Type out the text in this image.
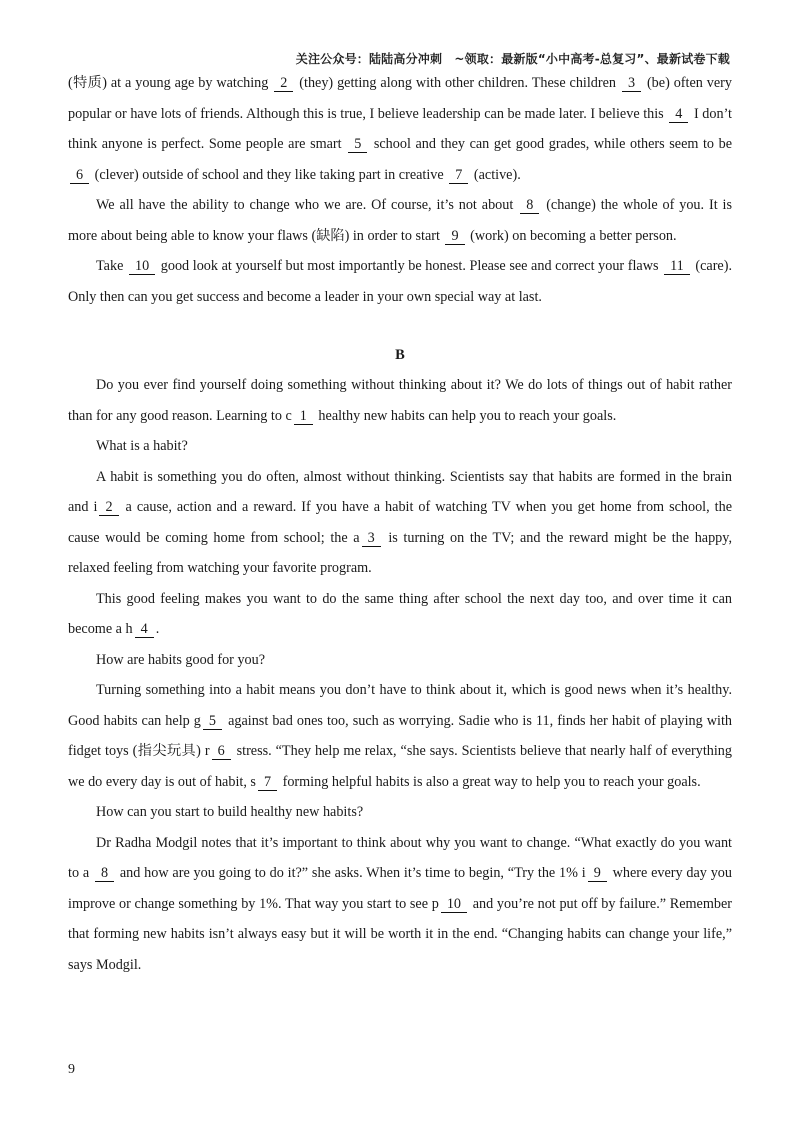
关注公众号：陆陆高分冲刺　~领取：最新版“小中高考-总复习”、最新试卷下载

(特质) at a young age by watching 2 (they) getting along with other children. These children 3 (be) often very popular or have lots of friends. Although this is true, I believe leadership can be made later. I believe this 4 I don’t think anyone is perfect. Some people are smart 5 school and they can get good grades, while others seem to be 6 (clever) outside of school and they like taking part in creative 7 (active).

We all have the ability to change who we are. Of course, it’s not about 8 (change) the whole of you. It is more about being able to know your flaws (缺陷) in order to start 9 (work) on becoming a better person.

Take 10 good look at yourself but most importantly be honest. Please see and correct your flaws 11 (care). Only then can you get success and become a leader in your own special way at last.

B

Do you ever find yourself doing something without thinking about it? We do lots of things out of habit rather than for any good reason. Learning to c 1 healthy new habits can help you to reach your goals.

What is a habit?

A habit is something you do often, almost without thinking. Scientists say that habits are formed in the brain and i 2 a cause, action and a reward. If you have a habit of watching TV when you get home from school, the cause would be coming home from school; the a 3 is turning on the TV; and the reward might be the happy, relaxed feeling from watching your favorite program.

This good feeling makes you want to do the same thing after school the next day too, and over time it can become a h 4 .

How are habits good for you?

Turning something into a habit means you don’t have to think about it, which is good news when it’s healthy. Good habits can help g 5 against bad ones too, such as worrying. Sadie who is 11, finds her habit of playing with fidget toys (指尖玩具) r 6 stress. “They help me relax, “she says. Scientists believe that nearly half of everything we do every day is out of habit, s 7 forming helpful habits is also a great way to help you to reach your goals.

How can you start to build healthy new habits?

Dr Radha Modgil notes that it’s important to think about why you want to change. “What exactly do you want to a 8 and how are you going to do it?” she asks. When it’s time to begin, “Try the 1% i 9 where every day you improve or change something by 1%. That way you start to see p 10 and you’re not put off by failure.” Remember that forming new habits isn’t always easy but it will be worth it in the end. “Changing habits can change your life,” says Modgil.

9
